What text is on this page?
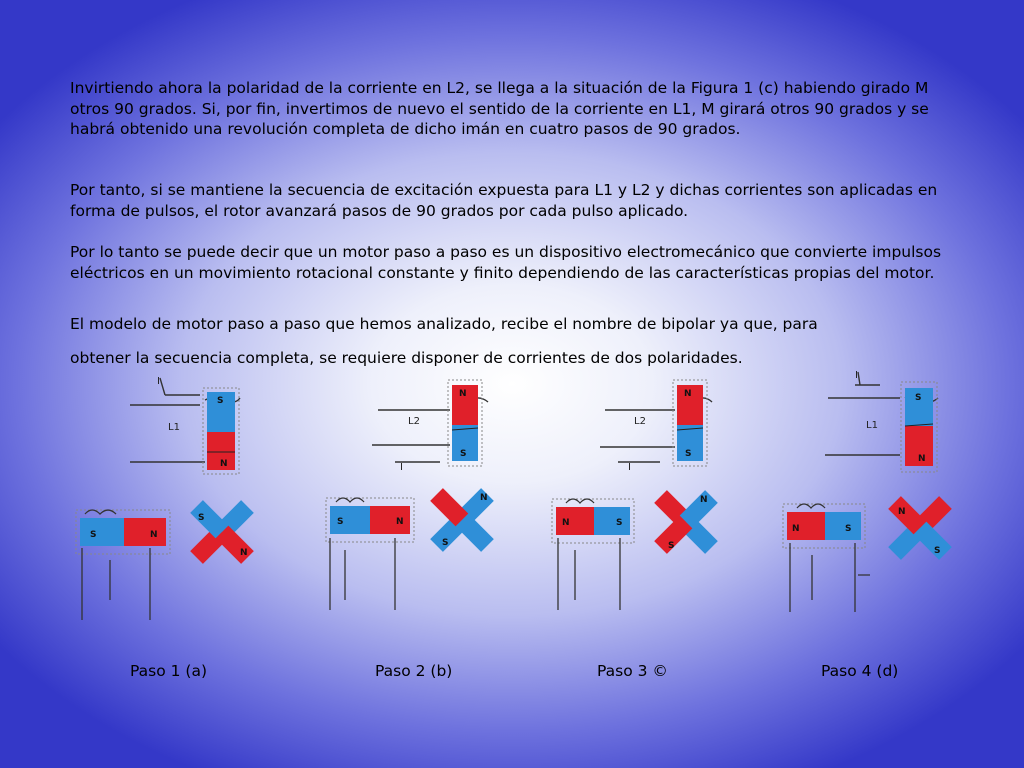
Invirtiendo ahora la polaridad de la corriente en L2, se llega a la situación de la Figura 1 (c) habiendo girado M otros 90 grados. Si, por fin, invertimos de nuevo el sentido de la corriente en L1, M girará otros 90 grados y se habrá obtenido una revolución completa de dicho imán en cuatro pasos de 90 grados.
Por tanto, si se mantiene la secuencia de excitación expuesta para L1 y L2 y dichas corrientes son aplicadas en forma de pulsos, el rotor avanzará pasos de 90 grados por cada pulso aplicado.
Por lo tanto se puede decir que un motor paso a paso es un dispositivo electromecánico que convierte impulsos eléctricos en un movimiento rotacional constante y finito dependiendo de las características propias del motor.
El modelo de motor paso a paso que hemos analizado, recibe el nombre de bipolar ya que, para
obtener la secuencia completa, se requiere disponer de corrientes de dos polaridades.
I
L1
S
N
L2
I
N
S
L2
I
N
S
I
L1
S
N
S	N
S
N
S	N
N
S
N	S
N
S
N	S
N
S
Paso 1 (a)	Paso 2 (b)	Paso 3 ©	Paso 4 (d)
